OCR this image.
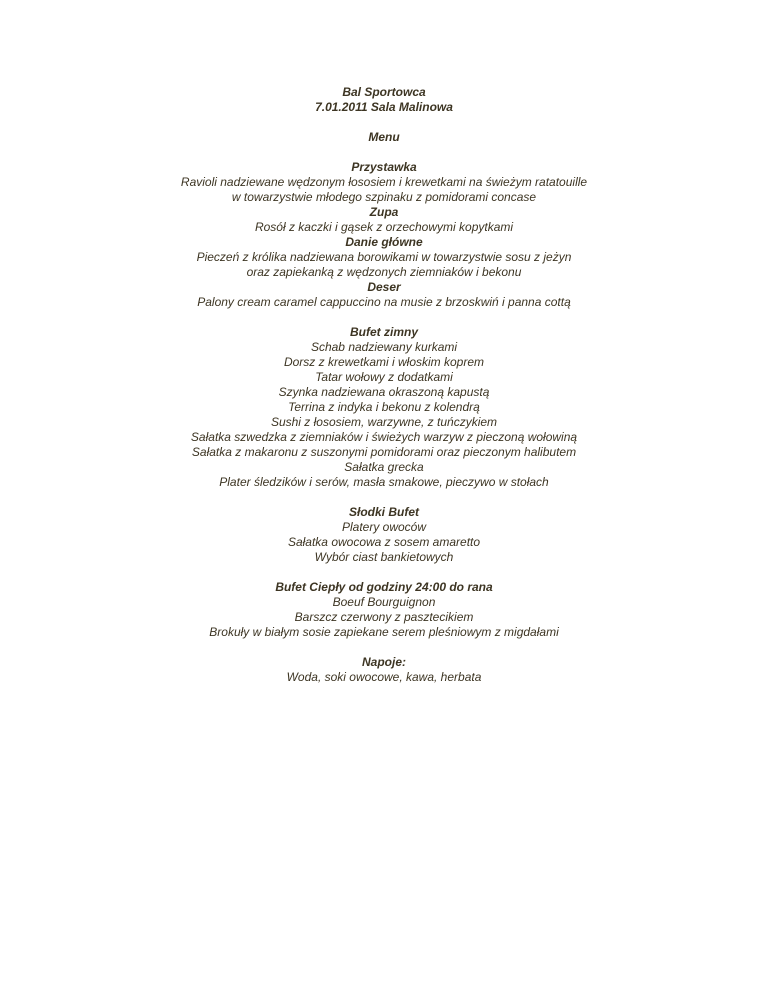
Bal Sportowca
7.01.2011 Sala Malinowa
Menu
Przystawka
Ravioli nadziewane wędzonym łososiem i krewetkami na świeżym ratatouille
w towarzystwie młodego szpinaku z pomidorami concase
Zupa
Rosół z kaczki i gąsek z orzechowymi kopytkami
Danie główne
Pieczeń z królika nadziewana borowikami w towarzystwie sosu z jeżyn
oraz zapiekanką z wędzonych ziemniaków i bekonu
Deser
Palony cream caramel cappuccino na musie z brzoskwiń i panna cottą
Bufet zimny
Schab nadziewany kurkami
Dorsz z krewetkami i włoskim koprem
Tatar wołowy z dodatkami
Szynka nadziewana okraszoną kapustą
Terrina z indyka i bekonu z kolendrą
Sushi z łososiem, warzywne, z tuńczykiem
Sałatka szwedzka z ziemniaków i świeżych warzyw z pieczoną wołowiną
Sałatka z makaronu z suszonymi pomidorami oraz pieczonym halibutem
Sałatka grecka
Plater śledzików i serów, masła smakowe, pieczywo w stołach
Słodki Bufet
Platery owoców
Sałatka owocowa z sosem amaretto
Wybór ciast bankietowych
Bufet Ciepły od godziny 24:00 do rana
Boeuf Bourguignon
Barszcz czerwony z pasztecikiem
Brokuły w białym sosie zapiekane serem pleśniowym z migdałami
Napoje:
Woda, soki owocowe, kawa, herbata
